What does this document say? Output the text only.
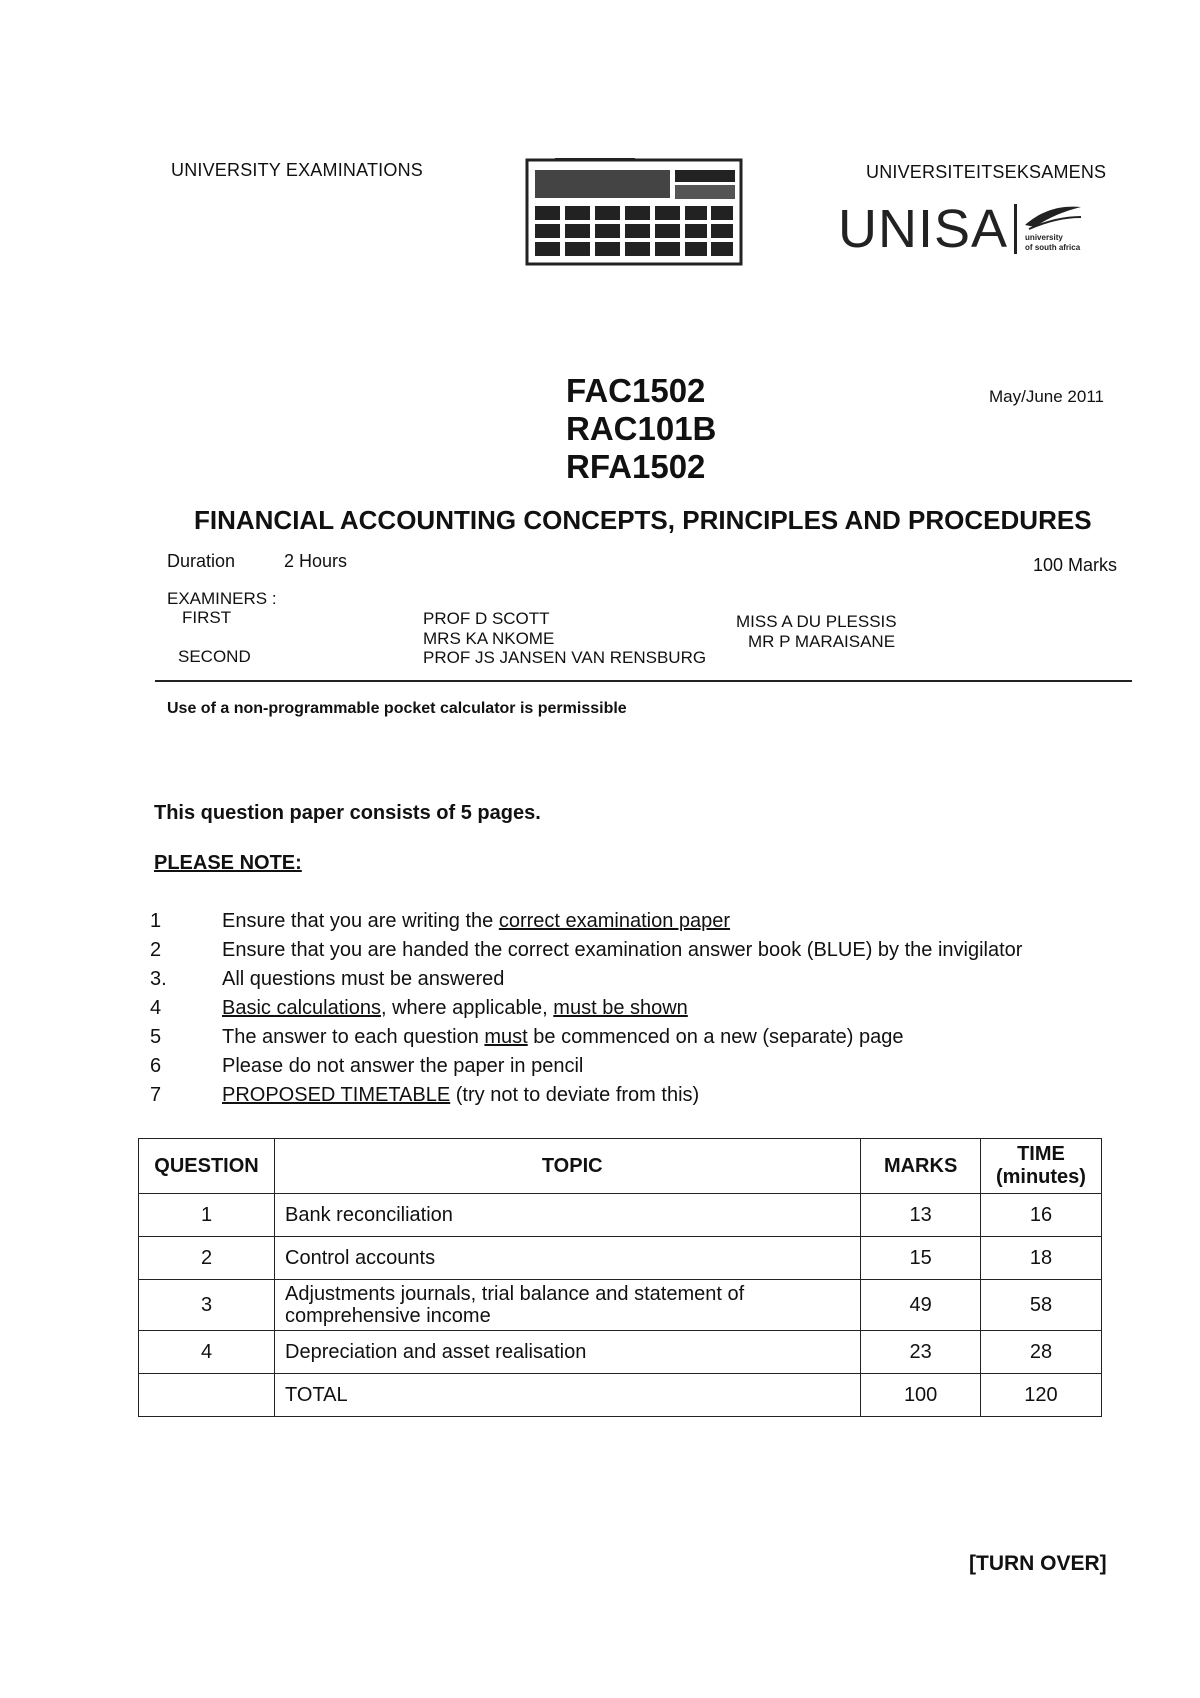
UNIVERSITY EXAMINATIONS	UNIVERSITEITSEKSAMENS
UNISA university
of south africa
FAC1502
RAC101B
RFA1502
May/June 2011
FINANCIAL ACCOUNTING CONCEPTS, PRINCIPLES AND PROCEDURES
Duration	2 Hours	100 Marks
EXAMINERS :
FIRST
SECOND
PROF D SCOTT
MRS KA NKOME
PROF JS JANSEN VAN RENSBURG
MISS A DU PLESSIS
MR P MARAISANE
Use of a non-programmable pocket calculator is permissible
This question paper consists of 5 pages.
PLEASE NOTE:
1	Ensure that you are writing the correct examination paper
2	Ensure that you are handed the correct examination answer book (BLUE) by the invigilator
3.	All questions must be answered
4	Basic calculations, where applicable, must be shown
5	The answer to each question must be commenced on a new (separate) page
6	Please do not answer the paper in pencil
7	PROPOSED TIMETABLE (try not to deviate from this)
QUESTION	TOPIC	MARKS	TIME
(minutes)

1	Bank reconciliation	13	16
2	Control accounts	15	18
3	Adjustments journals, trial balance and statement of comprehensive income	49	58
4	Depreciation and asset realisation	23	28
	TOTAL	100	120
[TURN OVER]
